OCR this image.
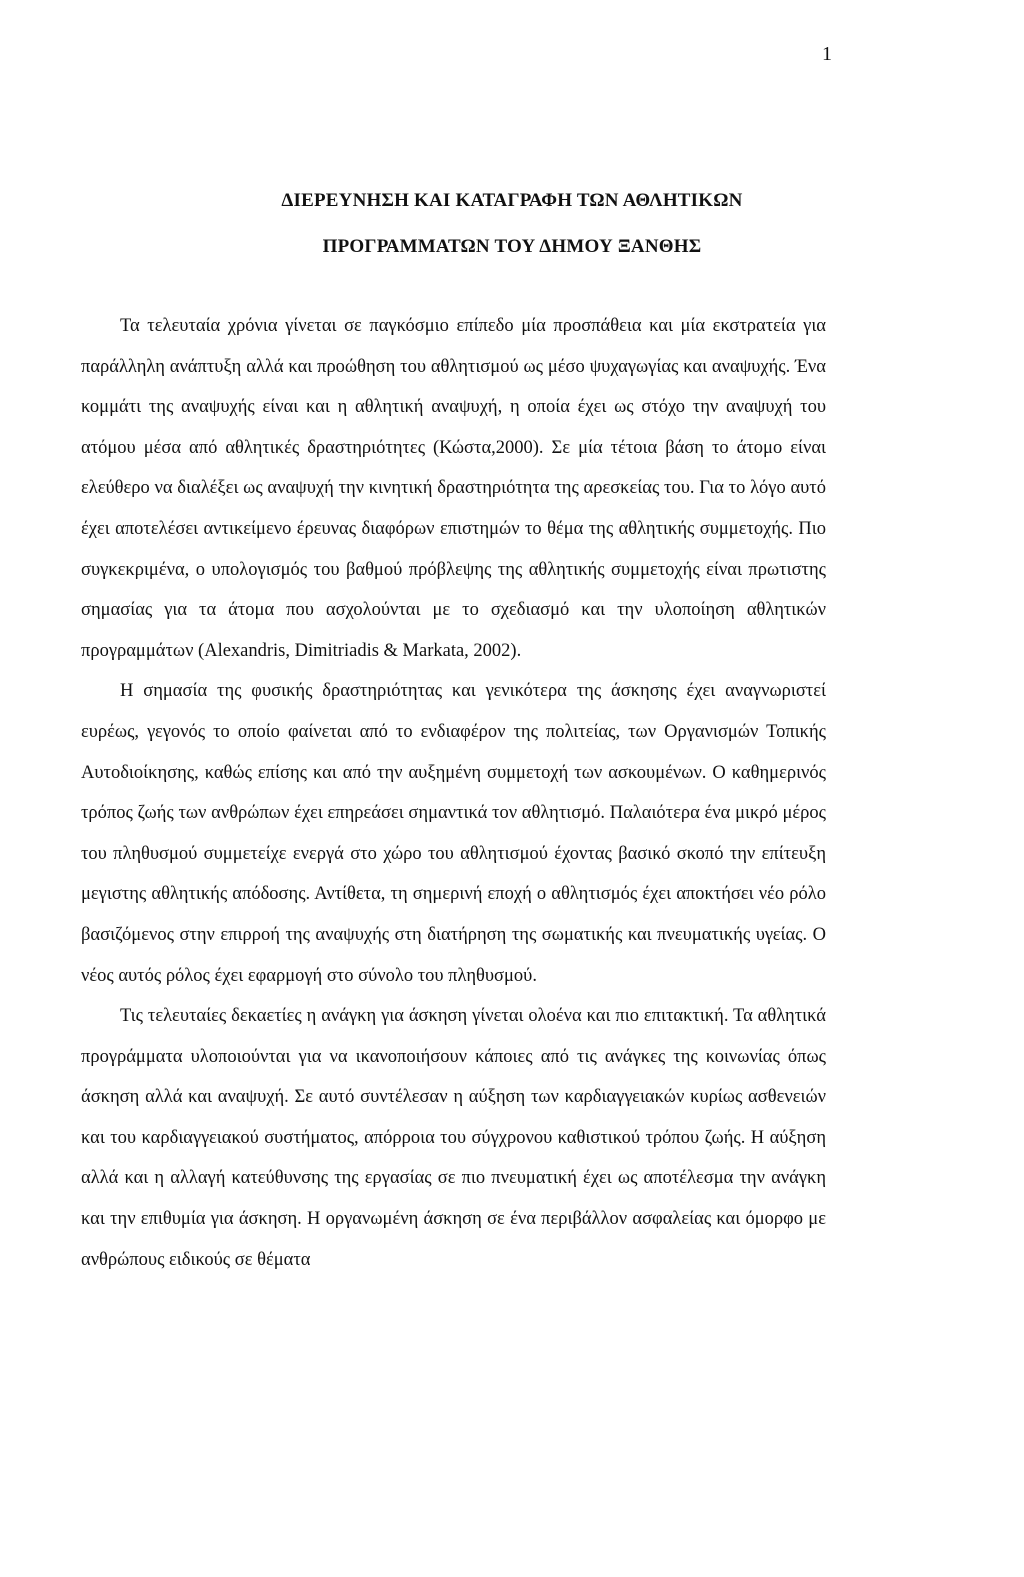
1
ΔΙΕΡΕΥΝΗΣΗ ΚΑΙ ΚΑΤΑΓΡΑΦΗ ΤΩΝ ΑΘΛΗΤΙΚΩΝ
ΠΡΟΓΡΑΜΜΑΤΩΝ ΤΟΥ ΔΗΜΟΥ ΞΑΝΘΗΣ

Τα τελευταία χρόνια γίνεται σε παγκόσμιο επίπεδο μία προσπάθεια και μία εκστρατεία για παράλληλη ανάπτυξη αλλά και προώθηση του αθλητισμού ως μέσο ψυχαγωγίας και αναψυχής. Ένα κομμάτι της αναψυχής είναι και η αθλητική αναψυχή, η οποία έχει ως στόχο την αναψυχή του ατόμου μέσα από αθλητικές δραστηριότητες (Κώστα,2000). Σε μία τέτοια βάση το άτομο είναι ελεύθερο να διαλέξει ως αναψυχή την κινητική δραστηριότητα της αρεσκείας του. Για το λόγο αυτό έχει αποτελέσει αντικείμενο έρευνας διαφόρων επιστημών το θέμα της αθλητικής συμμετοχής. Πιο συγκεκριμένα, ο υπολογισμός του βαθμού πρόβλεψης της αθλητικής συμμετοχής είναι πρωτιστης σημασίας για τα άτομα που ασχολούνται με το σχεδιασμό και την υλοποίηση αθλητικών προγραμμάτων (Alexandris, Dimitriadis & Markata, 2002).

Η σημασία της φυσικής δραστηριότητας και γενικότερα της άσκησης έχει αναγνωριστεί ευρέως, γεγονός το οποίο φαίνεται από το ενδιαφέρον της πολιτείας, των Οργανισμών Τοπικής Αυτοδιοίκησης, καθώς επίσης και από την αυξημένη συμμετοχή των ασκουμένων. Ο καθημερινός τρόπος ζωής των ανθρώπων έχει επηρεάσει σημαντικά τον αθλητισμό. Παλαιότερα ένα μικρό μέρος του πληθυσμού συμμετείχε ενεργά στο χώρο του αθλητισμού έχοντας βασικό σκοπό την επίτευξη μεγιστης αθλητικής απόδοσης. Αντίθετα, τη σημερινή εποχή ο αθλητισμός έχει αποκτήσει νέο ρόλο βασιζόμενος στην επιρροή της αναψυχής στη διατήρηση της σωματικής και πνευματικής υγείας. Ο νέος αυτός ρόλος έχει εφαρμογή στο σύνολο του πληθυσμού.

Τις τελευταίες δεκαετίες η ανάγκη για άσκηση γίνεται ολοένα και πιο επιτακτική. Τα αθλητικά προγράμματα υλοποιούνται για να ικανοποιήσουν κάποιες από τις ανάγκες της κοινωνίας όπως άσκηση αλλά και αναψυχή. Σε αυτό συντέλεσαν η αύξηση των καρδιαγγειακών κυρίως ασθενειών και του καρδιαγγειακού συστήματος, απόρροια του σύγχρονου καθιστικού τρόπου ζωής. Η αύξηση αλλά και η αλλαγή κατεύθυνσης της εργασίας σε πιο πνευματική έχει ως αποτέλεσμα την ανάγκη και την επιθυμία για άσκηση. Η οργανωμένη άσκηση σε ένα περιβάλλον ασφαλείας και όμορφο με ανθρώπους ειδικούς σε θέματα
